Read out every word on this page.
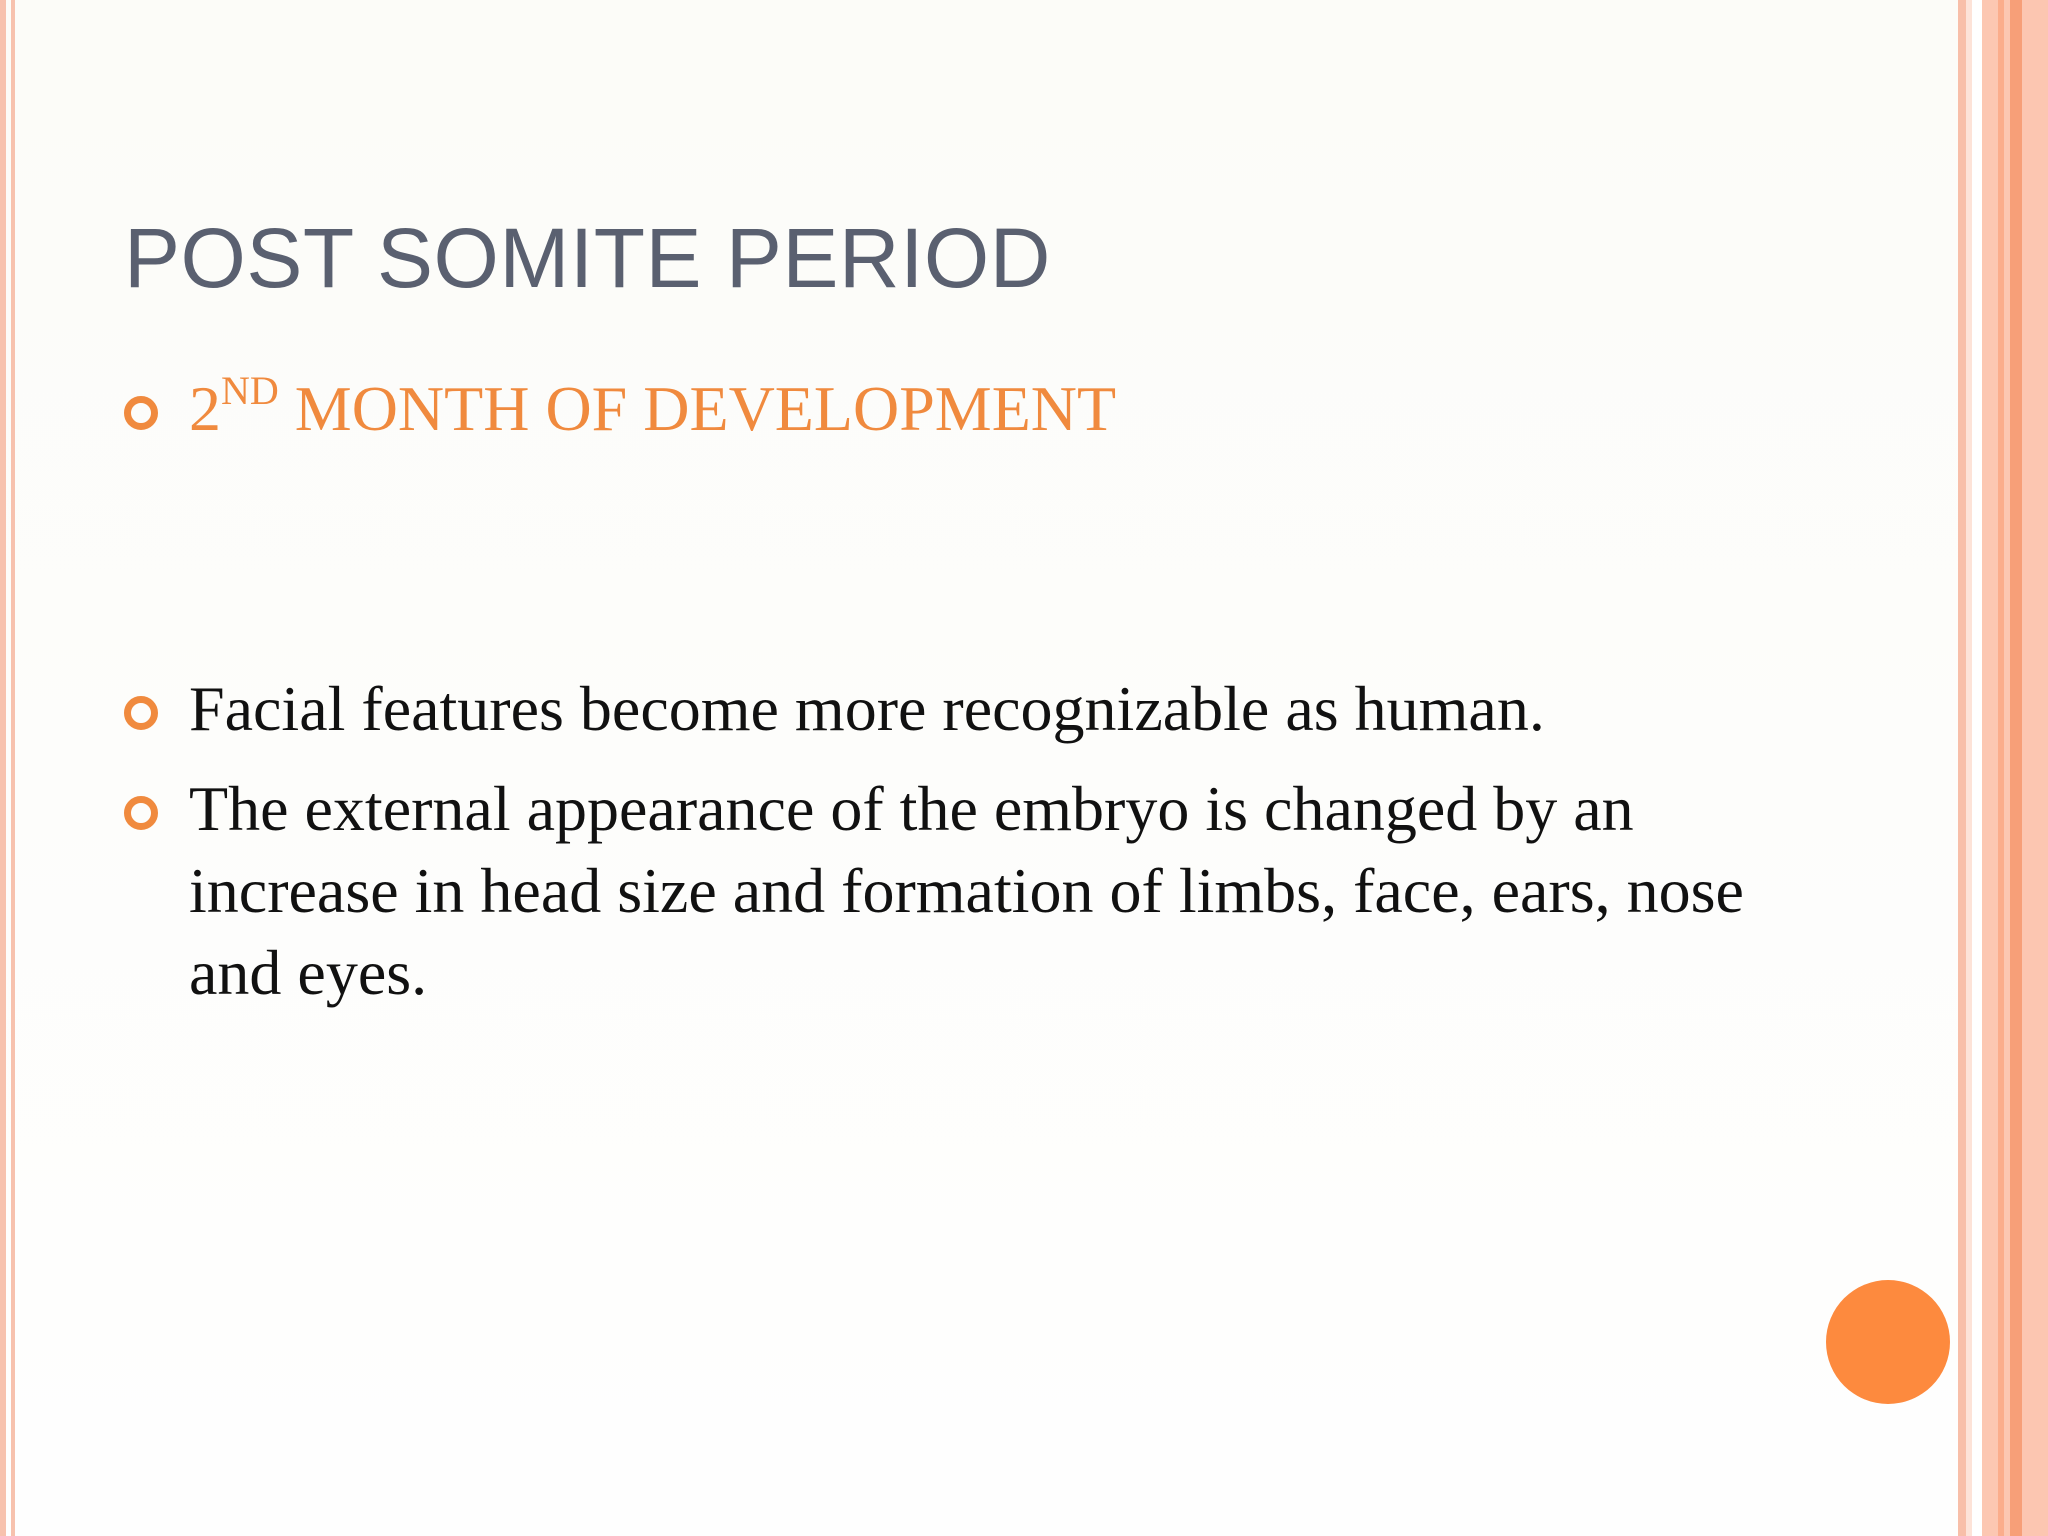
POST SOMITE PERIOD
2ND MONTH OF DEVELOPMENT
Facial features become more recognizable as human.
The external appearance of the embryo is changed by an increase in head size and formation of limbs, face, ears, nose and eyes.
